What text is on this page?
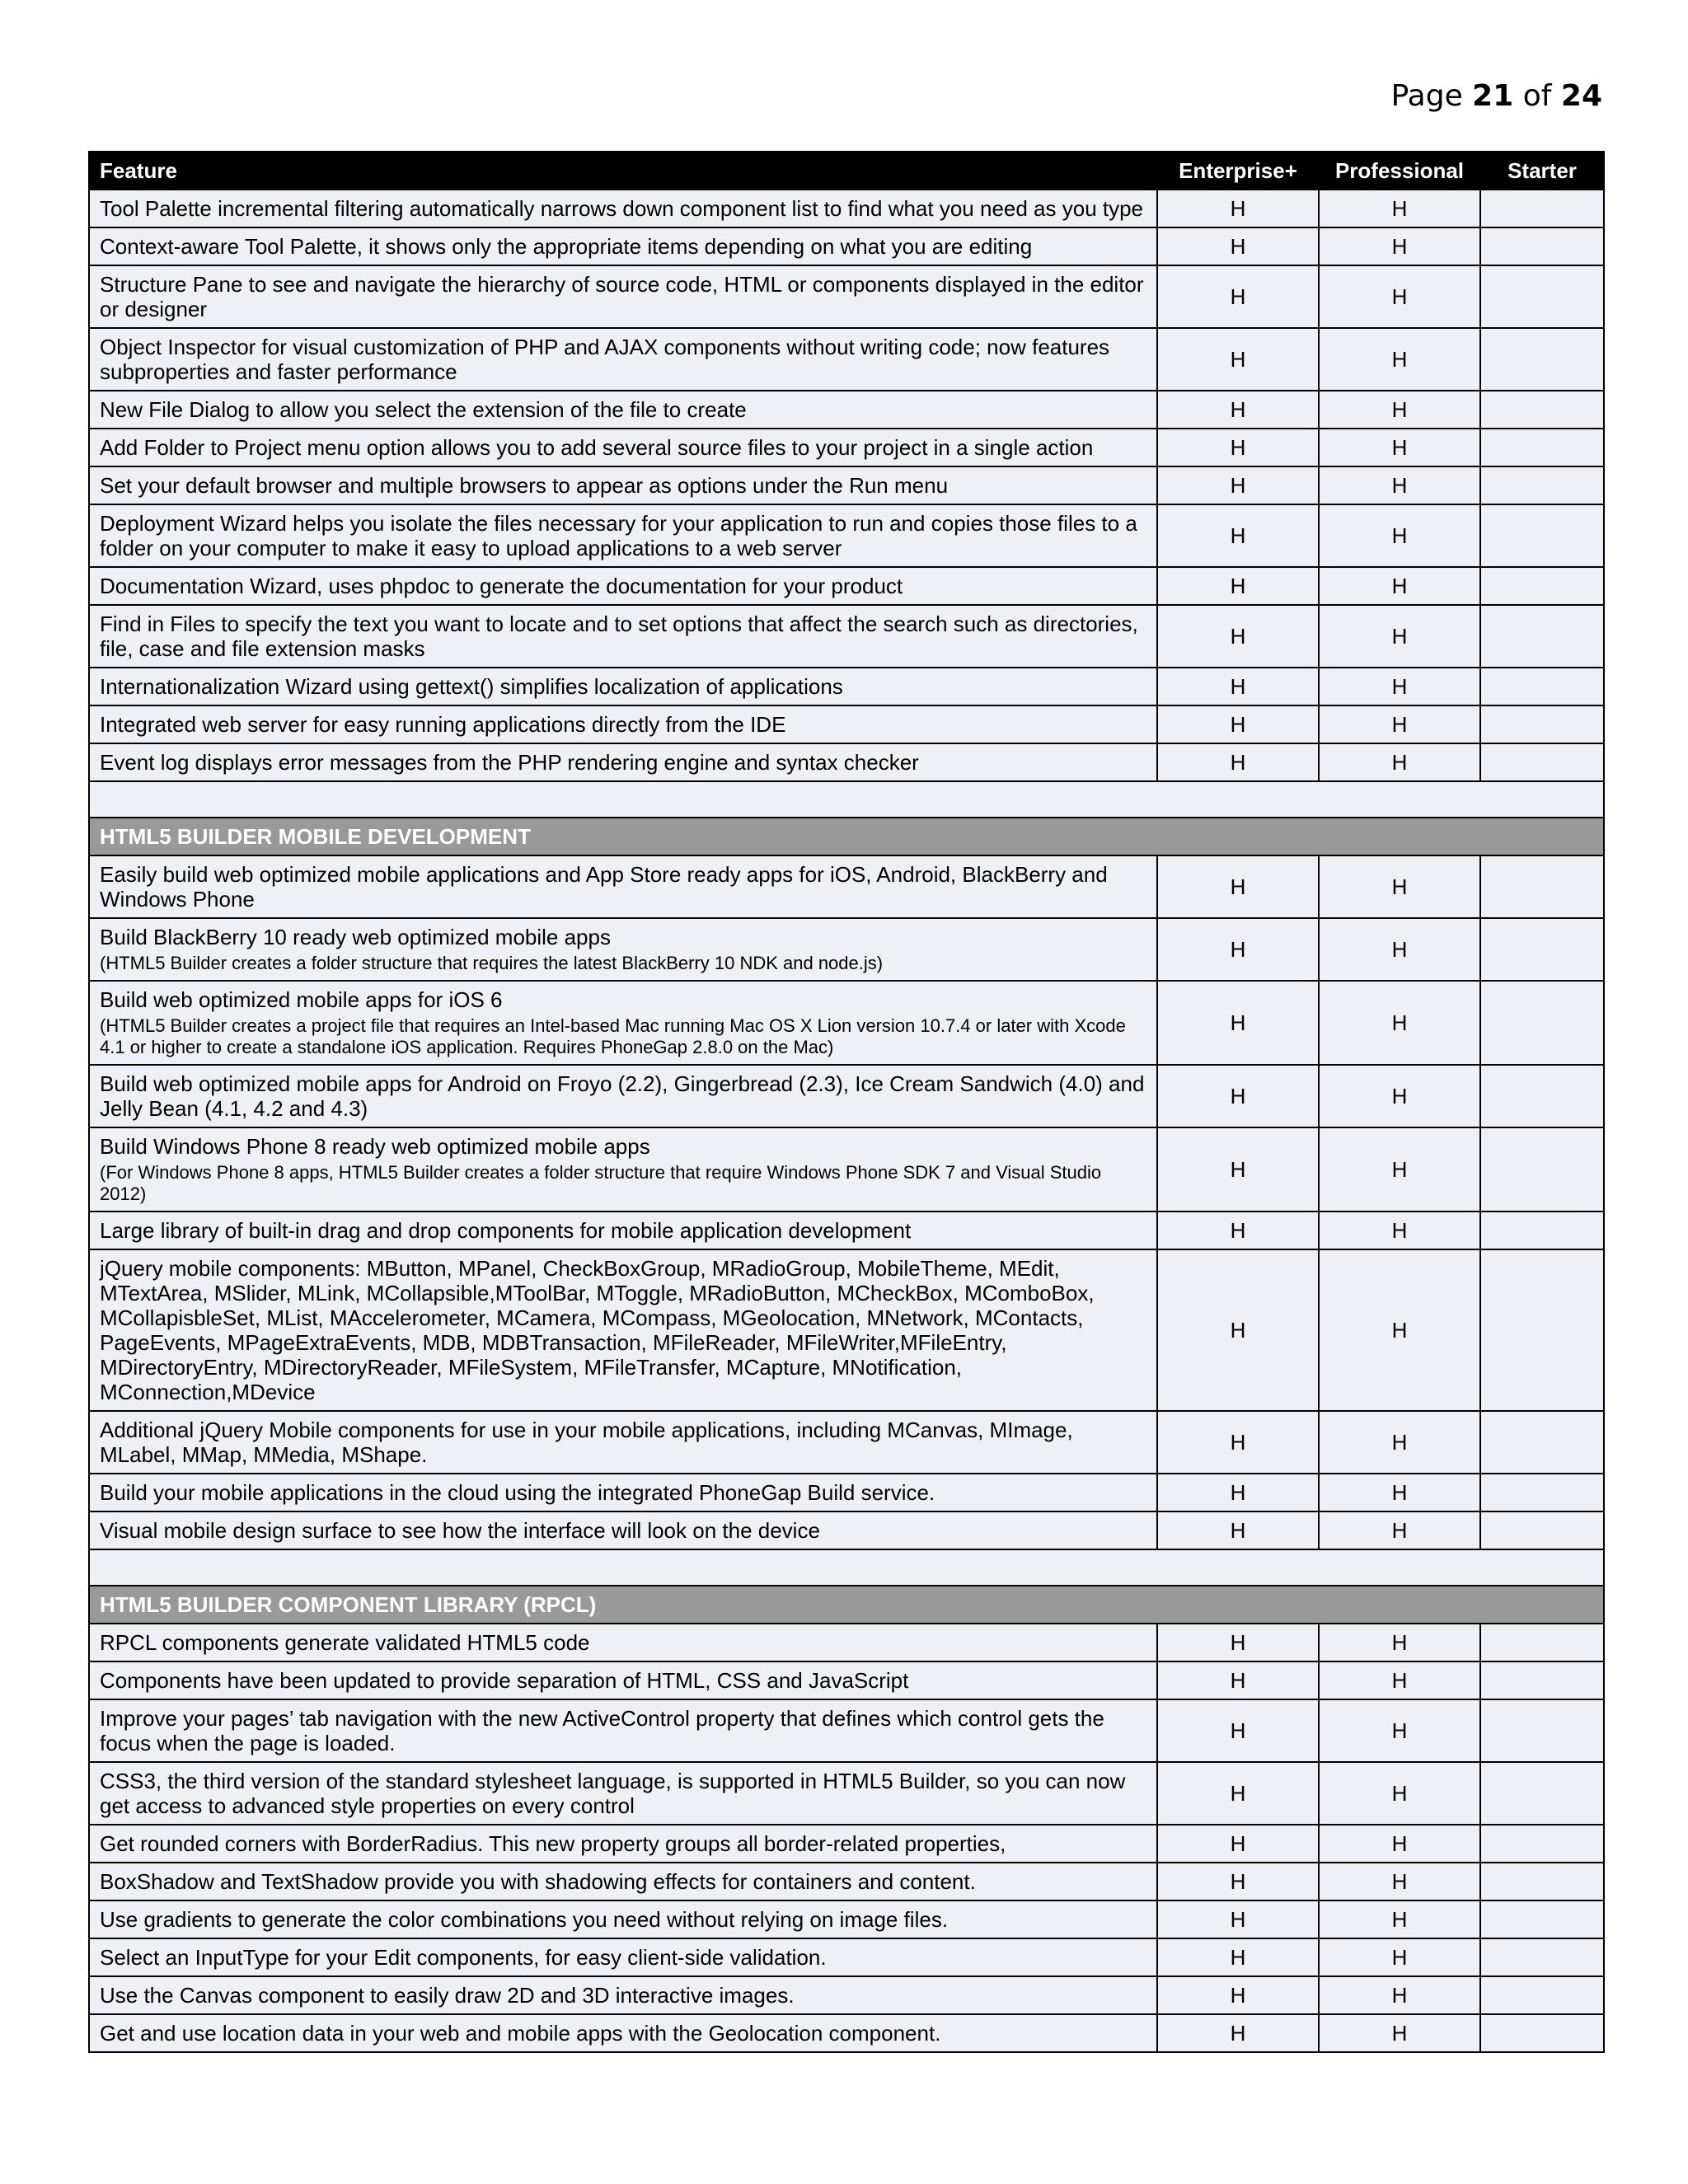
Page 21 of 24
Feature	Enterprise+	Professional	Starter
Tool Palette incremental filtering automatically narrows down component list to find what you need as you type	H	H	
Context-aware Tool Palette, it shows only the appropriate items depending on what you are editing	H	H	
Structure Pane to see and navigate the hierarchy of source code, HTML or components displayed in the editor or designer	H	H	
Object Inspector for visual customization of PHP and AJAX components without writing code; now features subproperties and faster performance	H	H	
New File Dialog to allow you select the extension of the file to create	H	H	
Add Folder to Project menu option allows you to add several source files to your project in a single action	H	H	
Set your default browser and multiple browsers to appear as options under the Run menu	H	H	
Deployment Wizard helps you isolate the files necessary for your application to run and copies those files to a folder on your computer to make it easy to upload applications to a web server	H	H	
Documentation Wizard, uses phpdoc to generate the documentation for your product	H	H	
Find in Files to specify the text you want to locate and to set options that affect the search such as directories, file, case and file extension masks	H	H	
Internationalization Wizard using gettext() simplifies localization of applications	H	H	
Integrated web server for easy running applications directly from the IDE	H	H	
Event log displays error messages from the PHP rendering engine and syntax checker	H	H	

HTML5 BUILDER MOBILE DEVELOPMENT			
Easily build web optimized mobile applications and App Store ready apps for iOS, Android, BlackBerry and Windows Phone	H	H	
Build BlackBerry 10 ready web optimized mobile apps
(HTML5 Builder creates a folder structure that requires the latest BlackBerry 10 NDK and node.js)	H	H	
Build web optimized mobile apps for iOS 6
(HTML5 Builder creates a project file that requires an Intel-based Mac running Mac OS X Lion version 10.7.4 or later with Xcode 4.1 or higher to create a standalone iOS application. Requires PhoneGap 2.8.0 on the Mac)	H	H	
Build web optimized mobile apps for Android on Froyo (2.2), Gingerbread (2.3), Ice Cream Sandwich (4.0) and Jelly Bean (4.1, 4.2 and 4.3)	H	H	
Build Windows Phone 8 ready web optimized mobile apps
(For Windows Phone 8 apps, HTML5 Builder creates a folder structure that require Windows Phone SDK 7 and Visual Studio 2012)	H	H	
Large library of built-in drag and drop components for mobile application development	H	H	
jQuery mobile components: MButton, MPanel, CheckBoxGroup, MRadioGroup, MobileTheme, MEdit, MTextArea, MSlider, MLink, MCollapsible,MToolBar, MToggle, MRadioButton, MCheckBox, MComboBox, MCollapisbleSet, MList, MAccelerometer, MCamera, MCompass, MGeolocation, MNetwork, MContacts, PageEvents, MPageExtraEvents, MDB, MDBTransaction, MFileReader, MFileWriter,MFileEntry, MDirectoryEntry, MDirectoryReader, MFileSystem, MFileTransfer, MCapture, MNotification, MConnection,MDevice	H	H	
Additional jQuery Mobile components for use in your mobile applications, including MCanvas, MImage, MLabel, MMap, MMedia, MShape.	H	H	
Build your mobile applications in the cloud using the integrated PhoneGap Build service.	H	H	
Visual mobile design surface to see how the interface will look on the device	H	H	

HTML5 BUILDER COMPONENT LIBRARY (RPCL)			
RPCL components generate validated HTML5 code	H	H	
Components have been updated to provide separation of HTML, CSS and JavaScript	H	H	
Improve your pages’ tab navigation with the new ActiveControl property that defines which control gets the focus when the page is loaded.	H	H	
CSS3, the third version of the standard stylesheet language, is supported in HTML5 Builder, so you can now get access to advanced style properties on every control	H	H	
Get rounded corners with BorderRadius. This new property groups all border-related properties,	H	H	
BoxShadow and TextShadow provide you with shadowing effects for containers and content.	H	H	
Use gradients to generate the color combinations you need without relying on image files.	H	H	
Select an InputType for your Edit components, for easy client-side validation.	H	H	
Use the Canvas component to easily draw 2D and 3D interactive images.	H	H	
Get and use location data in your web and mobile apps with the Geolocation component.	H	H	
